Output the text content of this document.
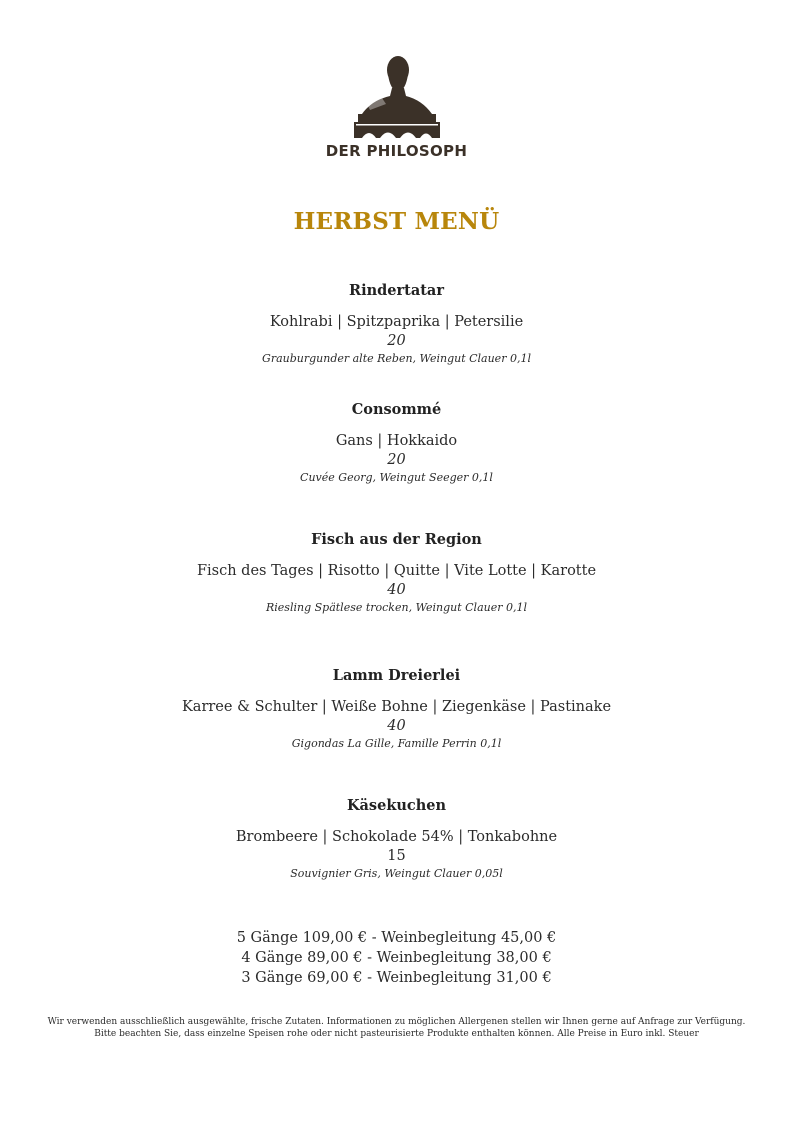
DER PHILOSOPH
HERBST MENÜ
Rindertatar
Kohlrabi | Spitzpaprika | Petersilie
20
Grauburgunder alte Reben, Weingut Clauer 0,1l
Consommé
Gans | Hokkaido
20
Cuvée Georg, Weingut Seeger 0,1l
Fisch aus der Region
Fisch des Tages | Risotto | Quitte | Vite Lotte | Karotte
40
Riesling Spätlese trocken, Weingut Clauer 0,1l
Lamm Dreierlei
Karree & Schulter | Weiße Bohne | Ziegenkäse | Pastinake
40
Gigondas La Gille, Famille Perrin 0,1l
Käsekuchen
Brombeere | Schokolade 54% | Tonkabohne
15
Souvignier Gris, Weingut Clauer 0,05l
5 Gänge 109,00 € - Weinbegleitung 45,00 €
4 Gänge 89,00 € - Weinbegleitung 38,00 €
3 Gänge 69,00 € - Weinbegleitung 31,00 €
Wir verwenden ausschließlich ausgewählte, frische Zutaten. Informationen zu möglichen Allergenen stellen wir Ihnen gerne auf Anfrage zur Verfügung.
Bitte beachten Sie, dass einzelne Speisen rohe oder nicht pasteurisierte Produkte enthalten können. Alle Preise in Euro inkl. Steuer
